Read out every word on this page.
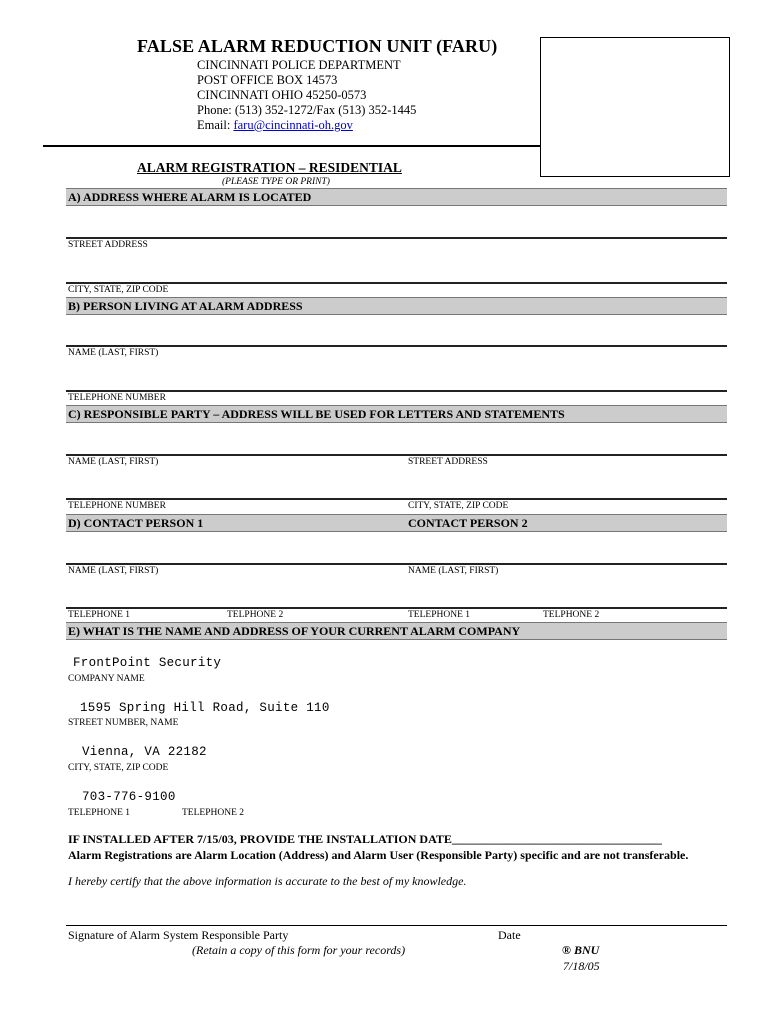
FALSE ALARM REDUCTION UNIT (FARU)
CINCINNATI POLICE DEPARTMENT
POST OFFICE BOX 14573
CINCINNATI OHIO 45250-0573
Phone: (513) 352-1272/Fax (513) 352-1445
Email: faru@cincinnati-oh.gov
ALARM REGISTRATION – RESIDENTIAL
(PLEASE TYPE OR PRINT)
A) ADDRESS WHERE ALARM IS LOCATED
STREET ADDRESS
CITY, STATE, ZIP CODE
B) PERSON LIVING AT ALARM ADDRESS
NAME (LAST, FIRST)
TELEPHONE NUMBER
C) RESPONSIBLE PARTY – ADDRESS WILL BE USED FOR LETTERS AND STATEMENTS
NAME (LAST, FIRST)	STREET ADDRESS
TELEPHONE NUMBER	CITY, STATE, ZIP CODE
D) CONTACT PERSON 1	CONTACT PERSON 2
NAME (LAST, FIRST)	NAME (LAST, FIRST)
TELEPHONE 1	TELPHONE 2	TELEPHONE 1	TELPHONE 2
E) WHAT IS THE NAME AND ADDRESS OF YOUR CURRENT ALARM COMPANY
FrontPoint Security
COMPANY NAME
1595 Spring Hill Road, Suite 110
STREET NUMBER, NAME
Vienna, VA 22182
CITY, STATE, ZIP CODE
703-776-9100
TELEPHONE 1	TELEPHONE 2
IF INSTALLED AFTER 7/15/03, PROVIDE THE INSTALLATION DATE___________________________________
Alarm Registrations are Alarm Location (Address) and Alarm User (Responsible Party) specific and are not transferable.
I hereby certify that the above information is accurate to the best of my knowledge.
Signature of Alarm System Responsible Party	Date
(Retain a copy of this form for your records)	® BNU
7/18/05
